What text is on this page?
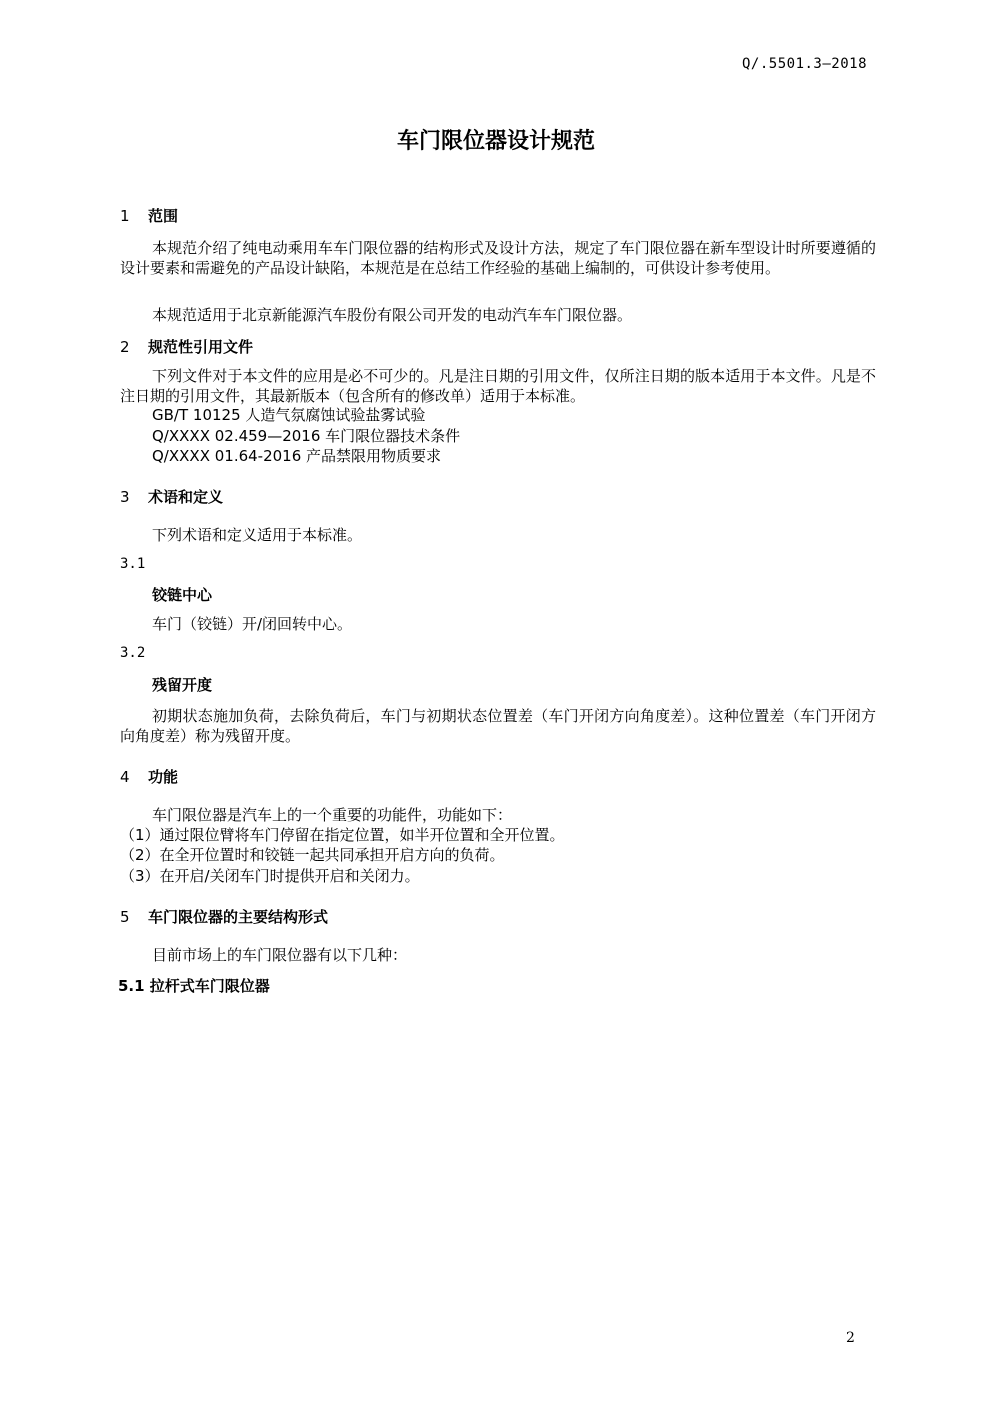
Q/.5501.3—2018
车门限位器设计规范
1 范围
本规范介绍了纯电动乘用车车门限位器的结构形式及设计方法，规定了车门限位器在新车型设计时所要遵循的设计要素和需避免的产品设计缺陷，本规范是在总结工作经验的基础上编制的，可供设计参考使用。
本规范适用于北京新能源汽车股份有限公司开发的电动汽车车门限位器。
2 规范性引用文件
下列文件对于本文件的应用是必不可少的。凡是注日期的引用文件，仅所注日期的版本适用于本文件。凡是不注日期的引用文件，其最新版本（包含所有的修改单）适用于本标准。
GB/T 10125 人造气氛腐蚀试验盐雾试验
Q/XXXX 02.459—2016 车门限位器技术条件
Q/XXXX 01.64-2016 产品禁限用物质要求
3 术语和定义
下列术语和定义适用于本标准。
3.1
铰链中心
车门（铰链）开/闭回转中心。
3.2
残留开度
初期状态施加负荷，去除负荷后，车门与初期状态位置差（车门开闭方向角度差）。这种位置差（车门开闭方向角度差）称为残留开度。
4 功能
车门限位器是汽车上的一个重要的功能件，功能如下：
（1）通过限位臂将车门停留在指定位置，如半开位置和全开位置。
（2）在全开位置时和铰链一起共同承担开启方向的负荷。
（3）在开启/关闭车门时提供开启和关闭力。
5 车门限位器的主要结构形式
目前市场上的车门限位器有以下几种：
5.1 拉杆式车门限位器
2
